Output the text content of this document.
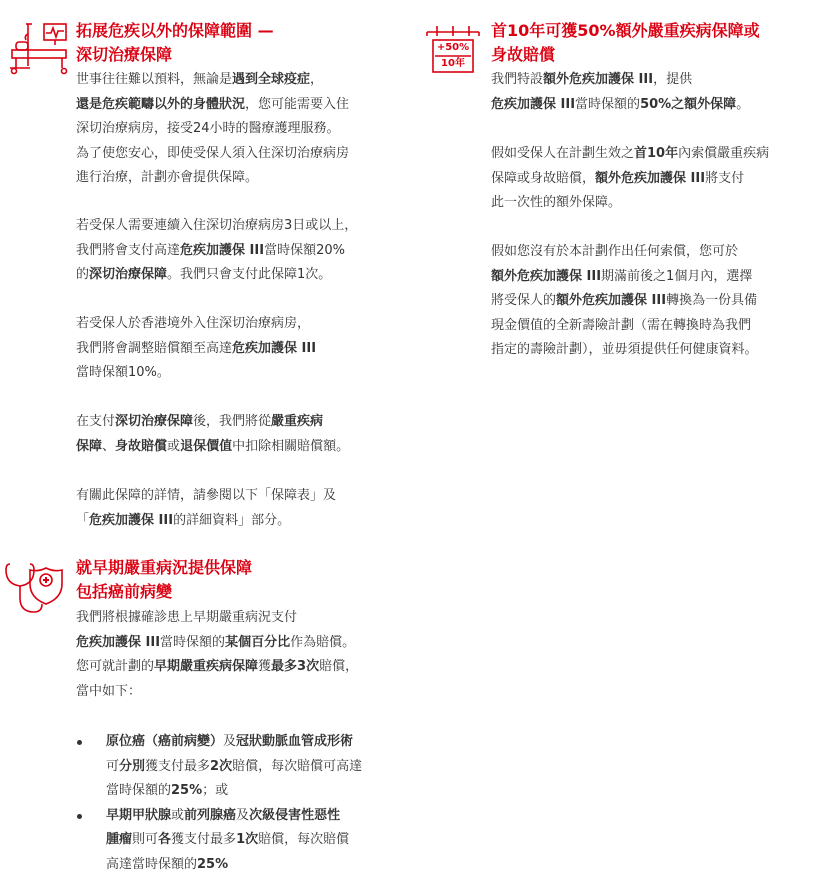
拓展危疾以外的保障範圍 —
深切治療保障
世事往往難以預料，無論是遇到全球疫症，
還是危疾範疇以外的身體狀況，您可能需要入住
深切治療病房，接受24小時的醫療護理服務。
為了使您安心，即使受保人須入住深切治療病房
進行治療，計劃亦會提供保障。
若受保人需要連續入住深切治療病房3日或以上，
我們將會支付高達危疾加護保 III當時保額20%
的深切治療保障。我們只會支付此保障1次。
若受保人於香港境外入住深切治療病房，
我們將會調整賠償額至高達危疾加護保 III
當時保額10%。
在支付深切治療保障後，我們將從嚴重疾病
保障、身故賠償或退保價值中扣除相關賠償額。
有關此保障的詳情，請參閱以下「保障表」及
「危疾加護保 III的詳細資料」部分。
就早期嚴重病況提供保障
包括癌前病變
我們將根據確診患上早期嚴重病況支付
危疾加護保 III當時保額的某個百分比作為賠償。
您可就計劃的早期嚴重疾病保障獲最多3次賠償，
當中如下：
原位癌（癌前病變）及冠狀動脈血管成形術
可分別獲支付最多2次賠償，每次賠償可高達
當時保額的25%；或
早期甲狀腺或前列腺癌及次級侵害性惡性
腫瘤則可各獲支付最多1次賠償，每次賠償
高達當時保額的25%
+50%
10年
首10年可獲50%額外嚴重疾病保障或
身故賠償
我們特設額外危疾加護保 III，提供
危疾加護保 III當時保額的50%之額外保障。
假如受保人在計劃生效之首10年內索償嚴重疾病
保障或身故賠償，額外危疾加護保 III將支付
此一次性的額外保障。
假如您沒有於本計劃作出任何索償，您可於
額外危疾加護保 III期滿前後之1個月內，選擇
將受保人的額外危疾加護保 III轉換為一份具備
現金價值的全新壽險計劃（需在轉換時為我們
指定的壽險計劃），並毋須提供任何健康資料。
